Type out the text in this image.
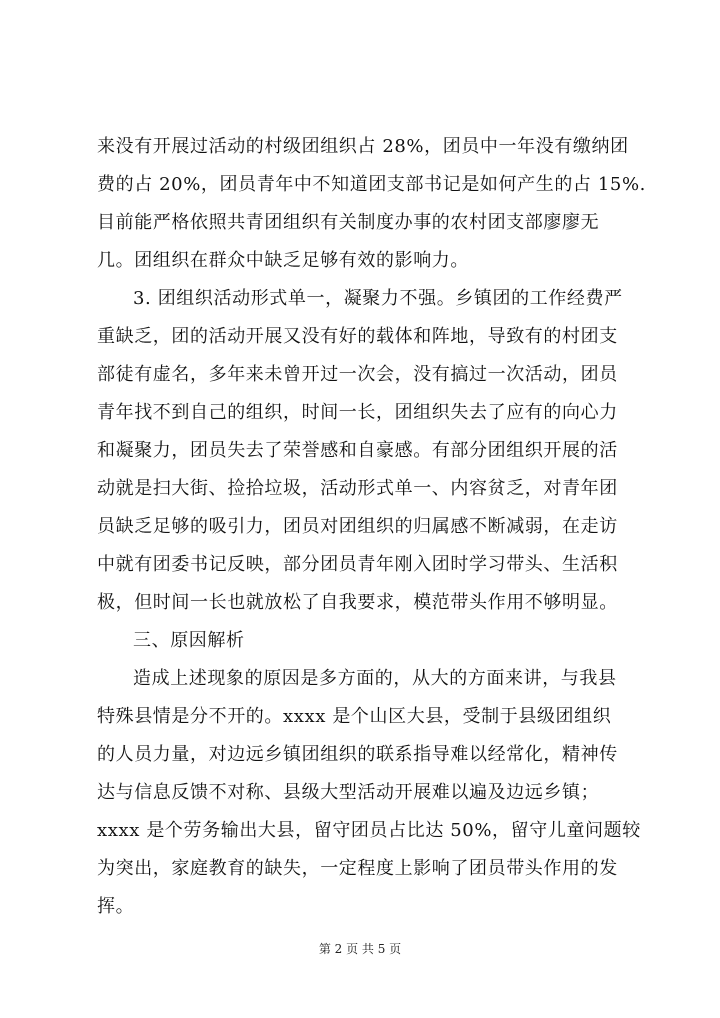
来没有开展过活动的村级团组织占 28%，团员中一年没有缴纳团
费的占 20%，团员青年中不知道团支部书记是如何产生的占 15%.
目前能严格依照共青团组织有关制度办事的农村团支部廖廖无
几。团组织在群众中缺乏足够有效的影响力。
3. 团组织活动形式单一，凝聚力不强。乡镇团的工作经费严
重缺乏，团的活动开展又没有好的载体和阵地，导致有的村团支
部徒有虚名，多年来未曾开过一次会，没有搞过一次活动，团员
青年找不到自己的组织，时间一长，团组织失去了应有的向心力
和凝聚力，团员失去了荣誉感和自豪感。有部分团组织开展的活
动就是扫大街、捡拾垃圾，活动形式单一、内容贫乏，对青年团
员缺乏足够的吸引力，团员对团组织的归属感不断减弱，在走访
中就有团委书记反映，部分团员青年刚入团时学习带头、生活积
极，但时间一长也就放松了自我要求，模范带头作用不够明显。
三、原因解析
造成上述现象的原因是多方面的，从大的方面来讲，与我县
特殊县情是分不开的。xxxx 是个山区大县，受制于县级团组织
的人员力量，对边远乡镇团组织的联系指导难以经常化，精神传
达与信息反馈不对称、县级大型活动开展难以遍及边远乡镇；
xxxx 是个劳务输出大县，留守团员占比达 50%，留守儿童问题较
为突出，家庭教育的缺失，一定程度上影响了团员带头作用的发
挥。
第 2 页 共 5 页
